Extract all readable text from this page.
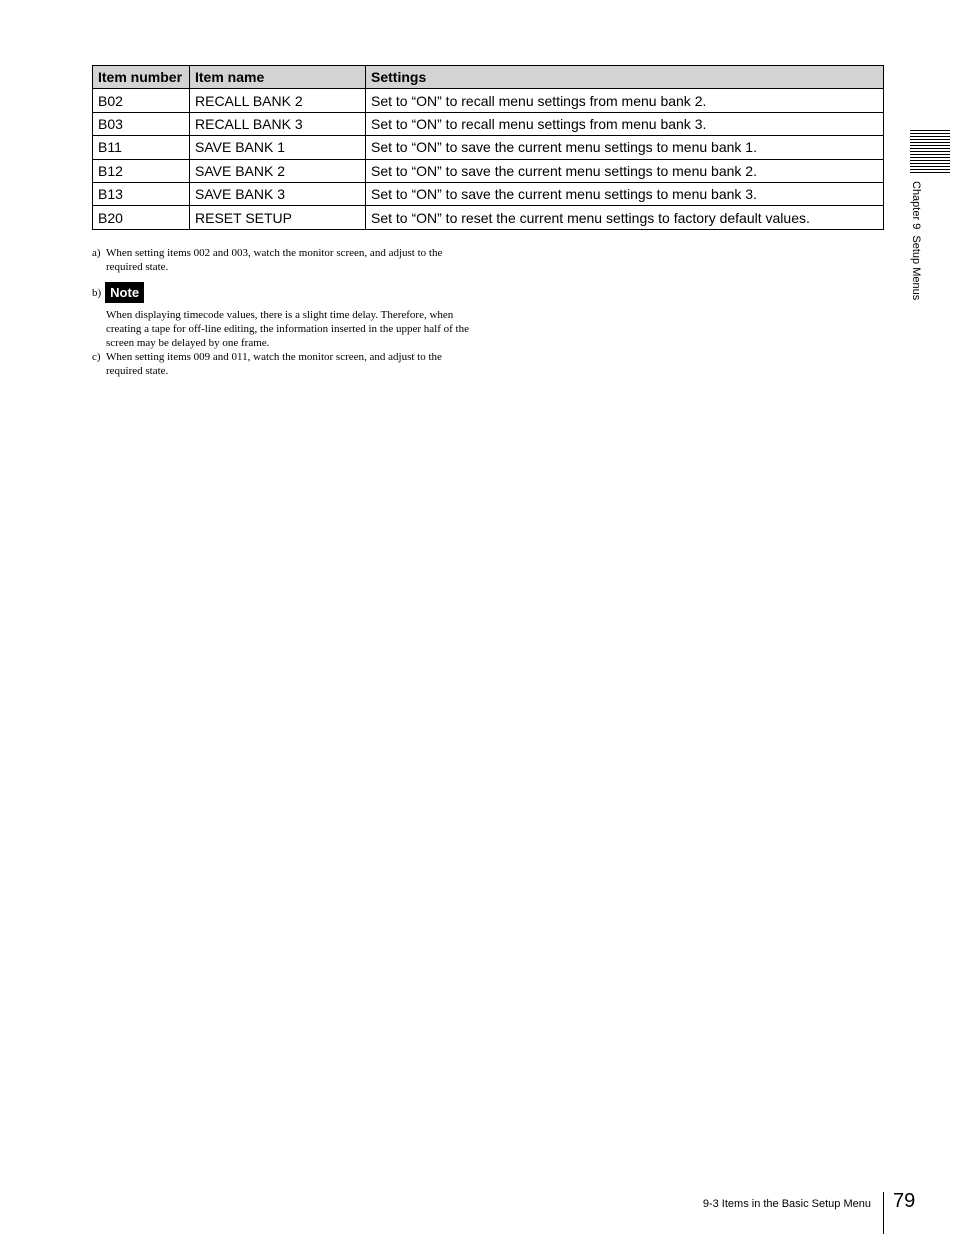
Item number	Item name	Settings
B02	RECALL BANK 2	Set to “ON” to recall menu settings from menu bank 2.
B03	RECALL BANK 3	Set to “ON” to recall menu settings from menu bank 3.
B11	SAVE BANK 1	Set to “ON” to save the current menu settings to menu bank 1.
B12	SAVE BANK 2	Set to “ON” to save the current menu settings to menu bank 2.
B13	SAVE BANK 3	Set to “ON” to save the current menu settings to menu bank 3.
B20	RESET SETUP	Set to “ON” to reset the current menu settings to factory default values.

a) When setting items 002 and 003, watch the monitor screen, and adjust to the required state.

b) Note

When displaying timecode values, there is a slight time delay. Therefore, when creating a tape for off-line editing, the information inserted in the upper half of the screen may be delayed by one frame.

c) When setting items 009 and 011, watch the monitor screen, and adjust to the required state.

Chapter 9  Setup Menus
9-3 Items in the Basic Setup Menu 79
